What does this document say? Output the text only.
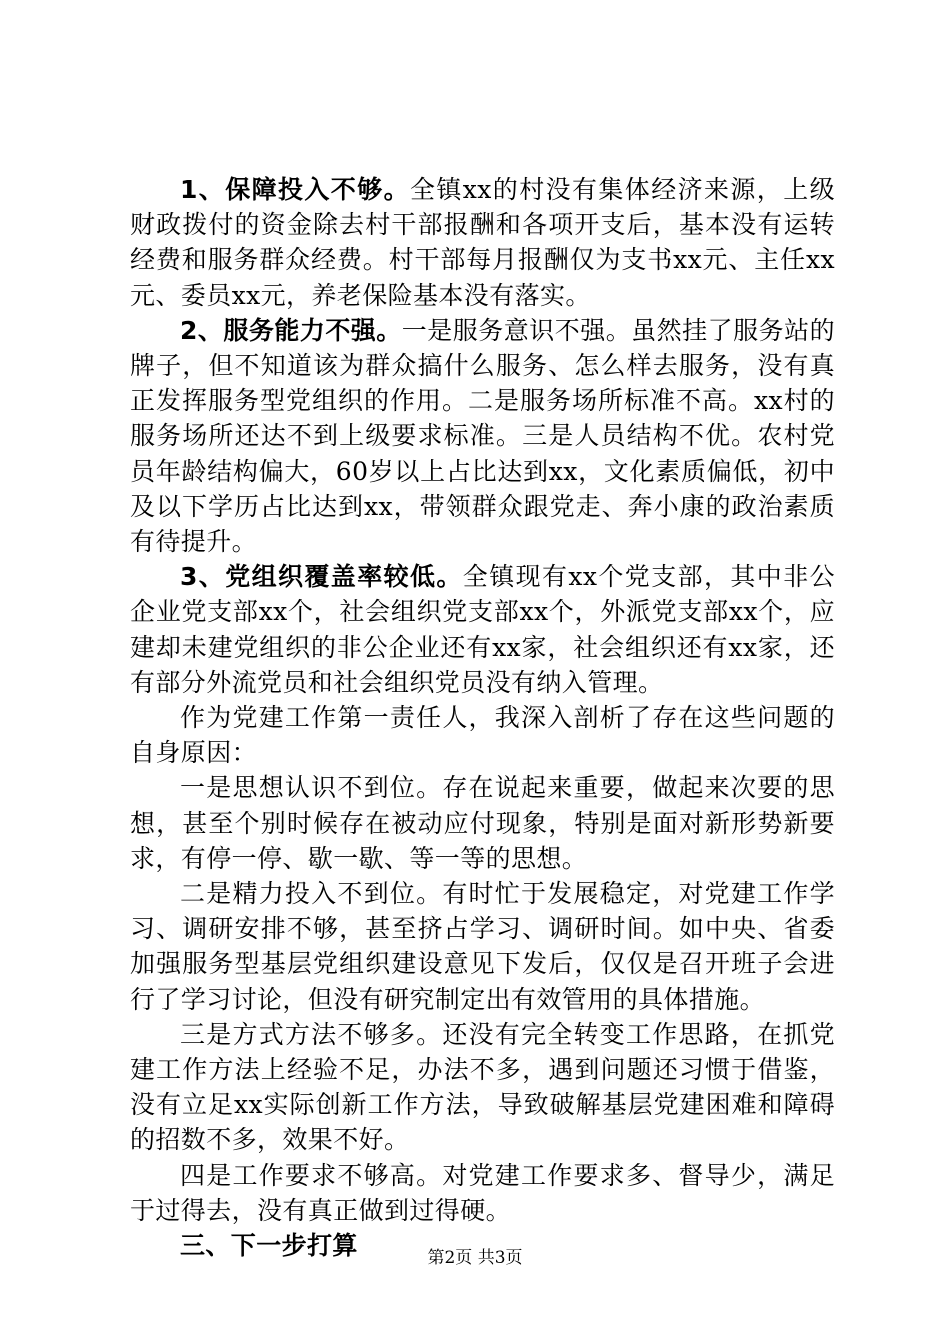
1、保障投入不够。全镇xx的村没有集体经济来源，上级财政拨付的资金除去村干部报酬和各项开支后，基本没有运转经费和服务群众经费。村干部每月报酬仅为支书xx元、主任xx元、委员xx元，养老保险基本没有落实。

2、服务能力不强。一是服务意识不强。虽然挂了服务站的牌子，但不知道该为群众搞什么服务、怎么样去服务，没有真正发挥服务型党组织的作用。二是服务场所标准不高。xx村的服务场所还达不到上级要求标准。三是人员结构不优。农村党员年龄结构偏大，60岁以上占比达到xx，文化素质偏低，初中及以下学历占比达到xx，带领群众跟党走、奔小康的政治素质有待提升。

3、党组织覆盖率较低。全镇现有xx个党支部，其中非公企业党支部xx个，社会组织党支部xx个，外派党支部xx个，应建却未建党组织的非公企业还有xx家，社会组织还有xx家，还有部分外流党员和社会组织党员没有纳入管理。

作为党建工作第一责任人，我深入剖析了存在这些问题的自身原因：

一是思想认识不到位。存在说起来重要，做起来次要的思想，甚至个别时候存在被动应付现象，特别是面对新形势新要求，有停一停、歇一歇、等一等的思想。

二是精力投入不到位。有时忙于发展稳定，对党建工作学习、调研安排不够，甚至挤占学习、调研时间。如中央、省委加强服务型基层党组织建设意见下发后，仅仅是召开班子会进行了学习讨论，但没有研究制定出有效管用的具体措施。

三是方式方法不够多。还没有完全转变工作思路，在抓党建工作方法上经验不足，办法不多，遇到问题还习惯于借鉴，没有立足xx实际创新工作方法，导致破解基层党建困难和障碍的招数不多，效果不好。

四是工作要求不够高。对党建工作要求多、督导少，满足于过得去，没有真正做到过得硬。

三、下一步打算	第2页 共3页
